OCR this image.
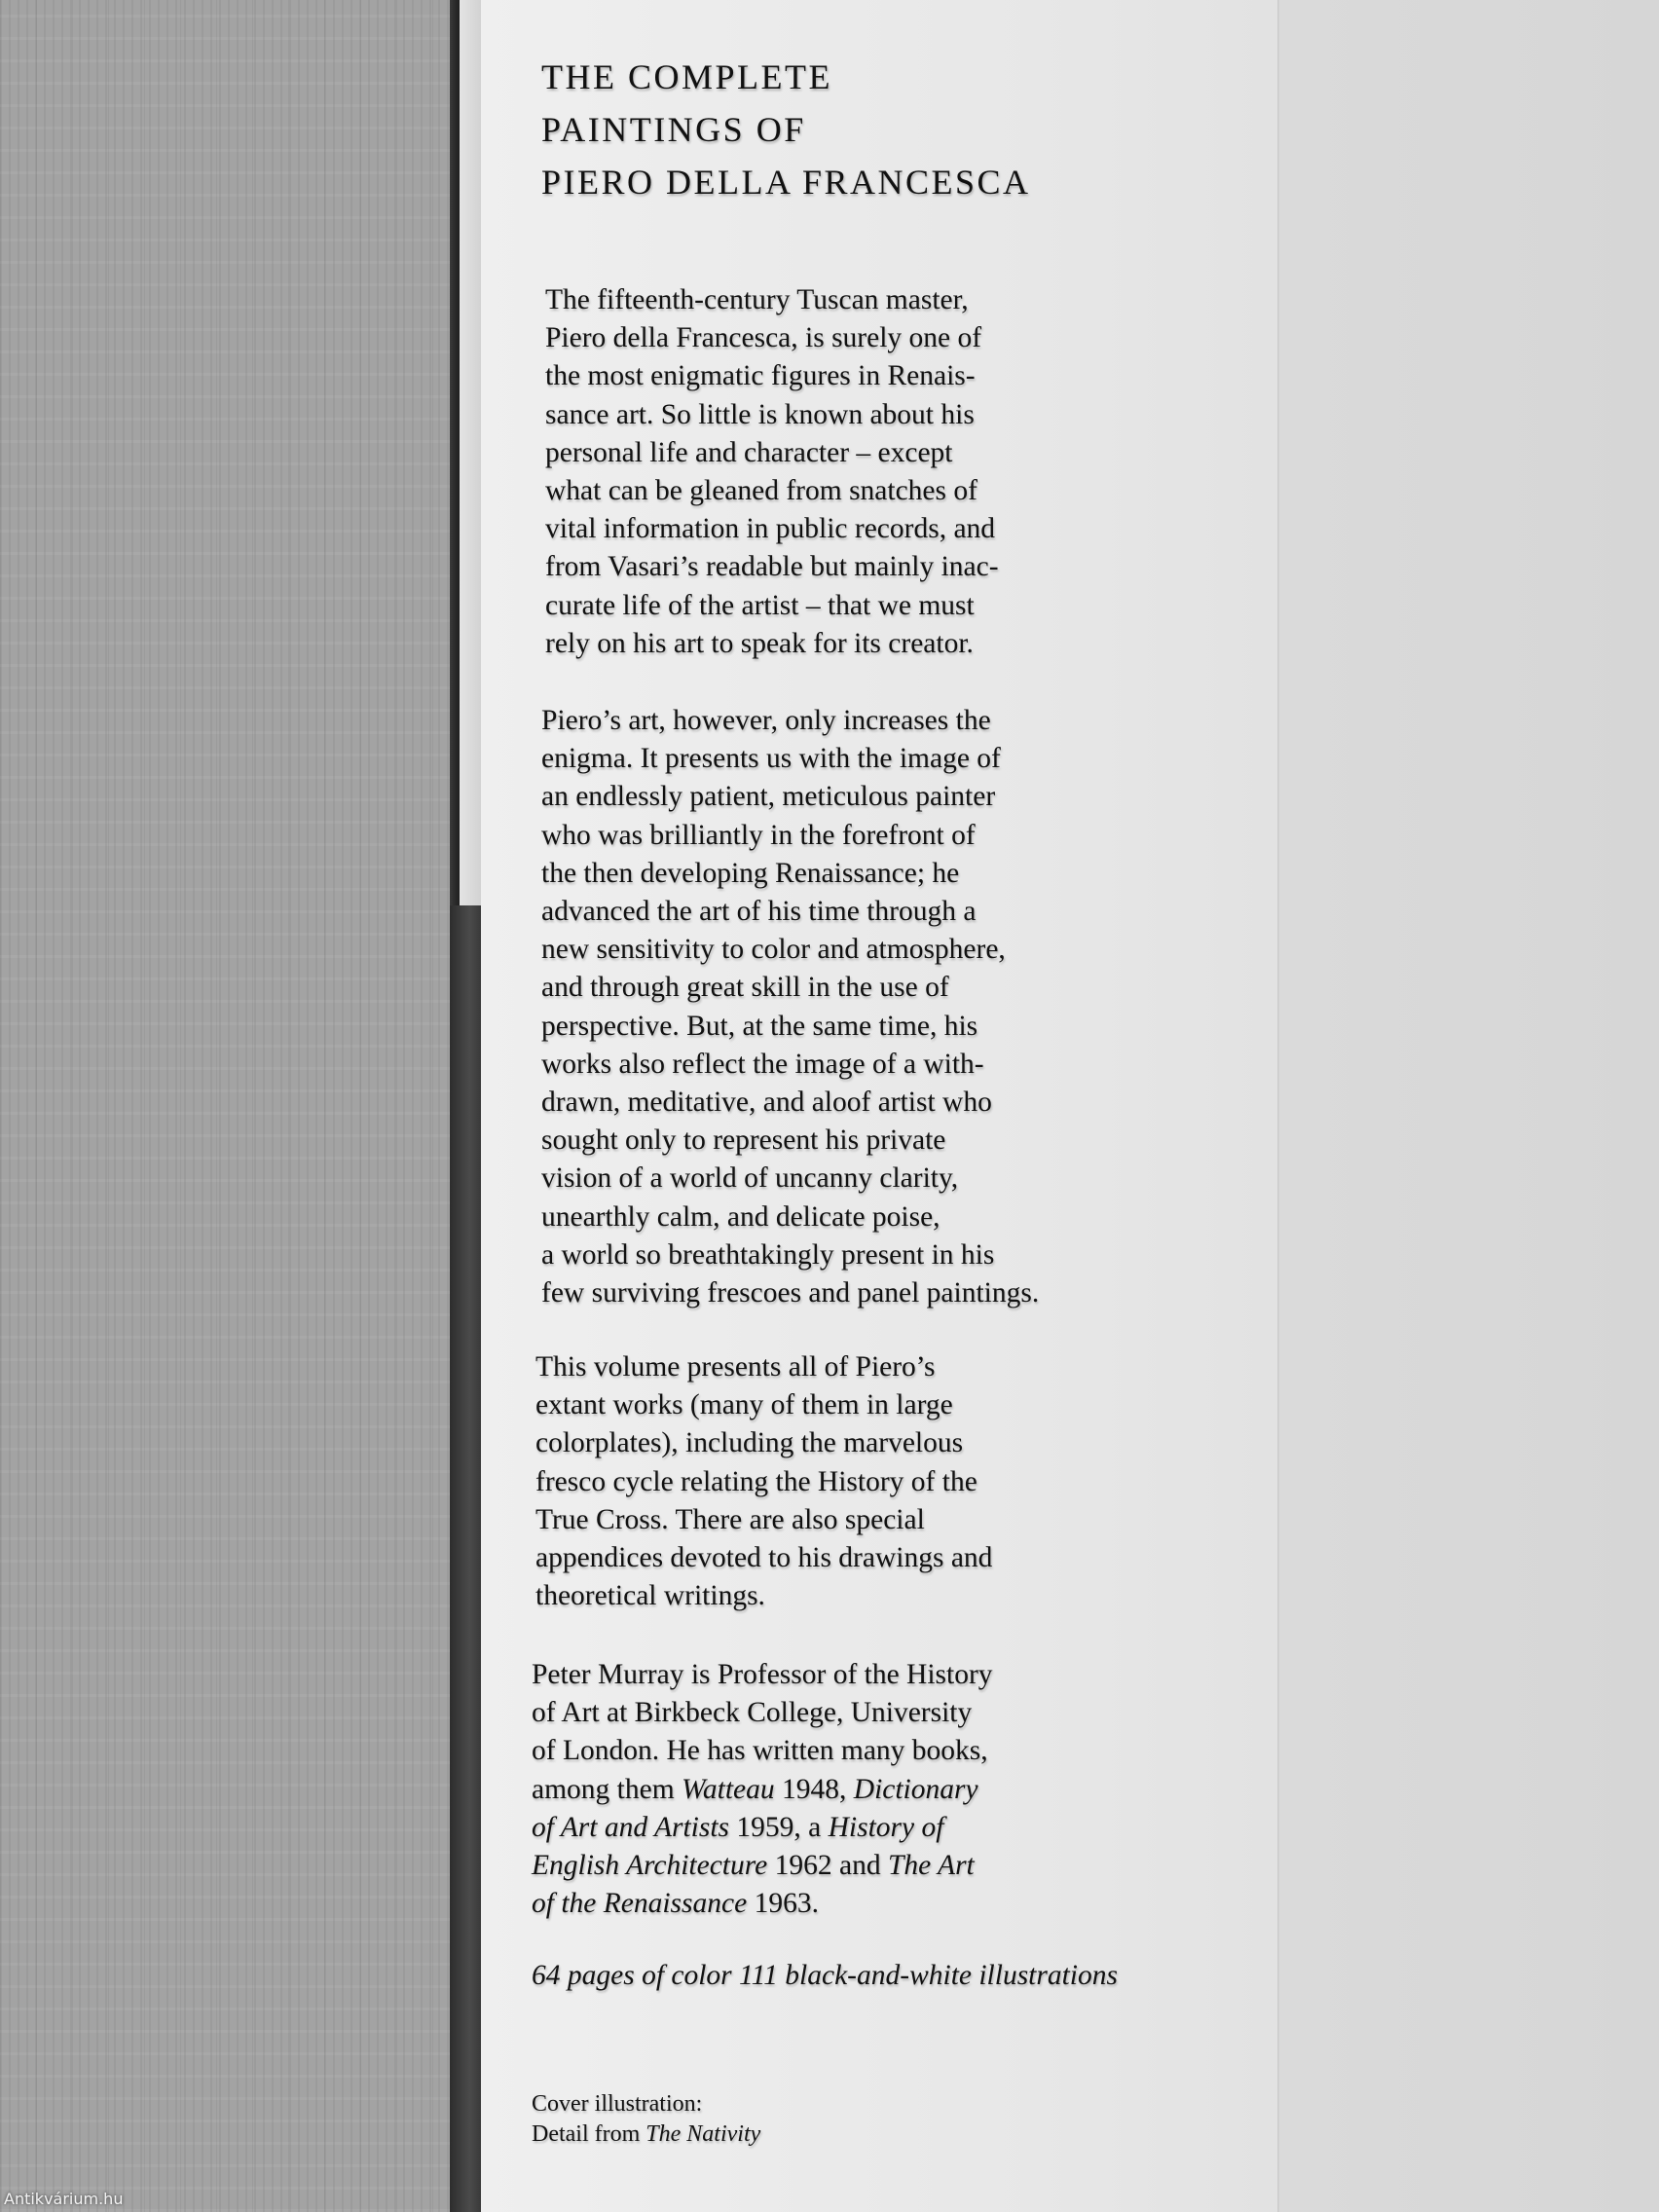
THE COMPLETE
PAINTINGS OF
PIERO DELLA FRANCESCA

The fifteenth-century Tuscan master,
Piero della Francesca, is surely one of
the most enigmatic figures in Renais-
sance art. So little is known about his
personal life and character – except
what can be gleaned from snatches of
vital information in public records, and
from Vasari’s readable but mainly inac-
curate life of the artist – that we must
rely on his art to speak for its creator.

Piero’s art, however, only increases the
enigma. It presents us with the image of
an endlessly patient, meticulous painter
who was brilliantly in the forefront of
the then developing Renaissance; he
advanced the art of his time through a
new sensitivity to color and atmosphere,
and through great skill in the use of
perspective. But, at the same time, his
works also reflect the image of a with-
drawn, meditative, and aloof artist who
sought only to represent his private
vision of a world of uncanny clarity,
unearthly calm, and delicate poise,
a world so breathtakingly present in his
few surviving frescoes and panel paintings.

This volume presents all of Piero’s
extant works (many of them in large
colorplates), including the marvelous
fresco cycle relating the History of the
True Cross. There are also special
appendices devoted to his drawings and
theoretical writings.

Peter Murray is Professor of the History
of Art at Birkbeck College, University
of London. He has written many books,
among them Watteau 1948, Dictionary
of Art and Artists 1959, a History of
English Architecture 1962 and The Art
of the Renaissance 1963.

64 pages of color 111 black-and-white illustrations

Cover illustration:
Detail from The Nativity

Antikvárium.hu
